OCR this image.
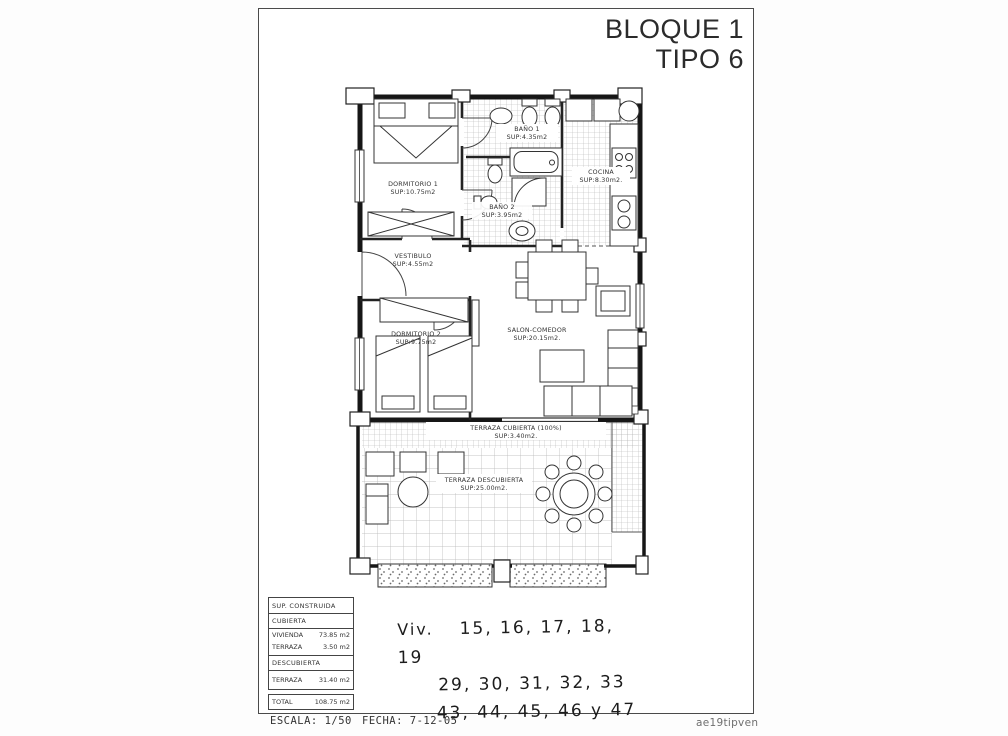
BLOQUE 1
TIPO 6
DORMITORIO 1
SUP:10.75m2
BAÑO 1
SUP:4.35m2
COCINA
SUP:8.30m2.
BAÑO 2
SUP:3.95m2
VESTIBULO
SUP:4.55m2
DORMITORIO 2
SUP:9.75m2
SALON-COMEDOR
SUP:20.15m2.
TERRAZA CUBIERTA (100%)
SUP:3.40m2.
TERRAZA DESCUBIERTA
SUP:25.00m2.
SUP. CONSTRUIDA
CUBIERTA
VIVIENDA 73.85 m2
TERRAZA	3.50 m2
DESCUBIERTA
TERRAZA	31.40 m2
TOTAL	108.75 m2
Viv. 15, 16, 17, 18, 19
29, 30, 31, 32, 33
43, 44, 45, 46 y 47
ESCALA: 1/50 FECHA: 7-12-05	ae19tipven
